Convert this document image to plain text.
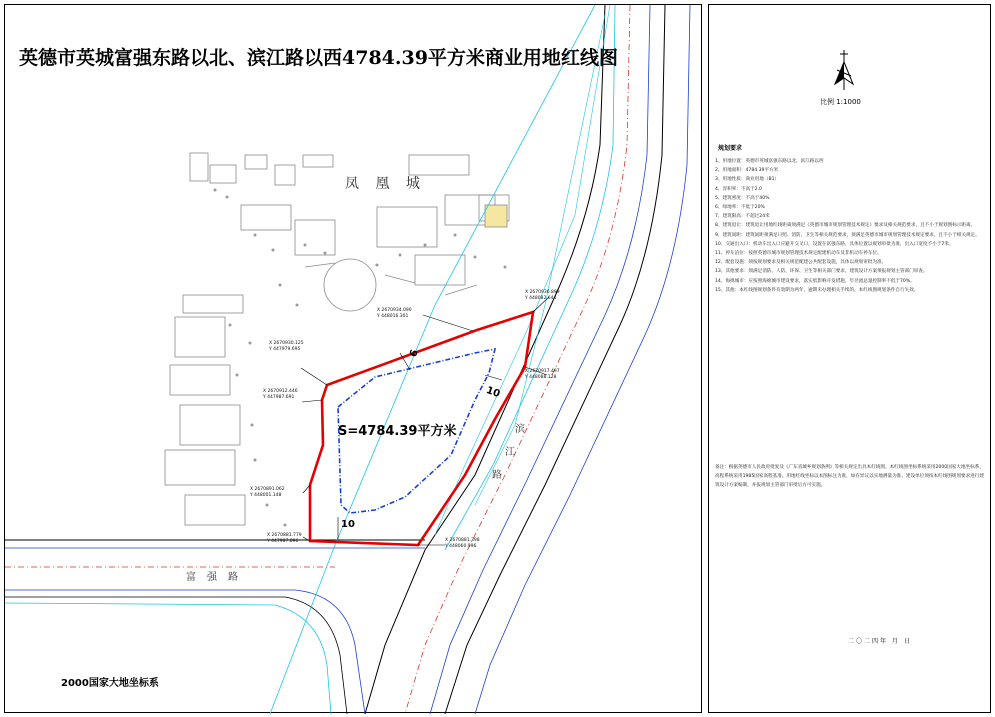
英德市英城富强东路以北、滨江路以西4784.39平方米商业用地红线图
凤 凰 城
S=4784.39平方米
富强路
滨
江
路
6
10
10
X 2670934.090
Y 448016.301
X 2670936.899
Y 448082.644
X 2670930.125
Y 447979.695
X 2670917.497
Y 448088.128
X 2670912.446
Y 447987.691
X 2670891.062
Y 448001.148
X 2670881.779
Y 447987.896	X 2670881.398
Y 448060.996
2000国家大地坐标系
比例 1:1000
规划要求

1、用地位置：英德市英城富强东路以北、滨江路以西

2、用地面积：4784.39平方米

3、用地性质：商业用地（B1）

4、容积率：不高于2.0

5、建筑密度：不高于40%

6、绿地率：不低于20%

7、建筑限高：不超过24米

8、建筑退让：建筑退让用地红线距离须满足《英德市城市规划管理技术规定》要求及相关规范要求，且不小于规划图标示距离。

9、建筑间距：建筑间距须满足日照、消防、卫生等相关规范要求，须满足英德市城市规划管理技术规定要求，且不小于相关规定。

10、交通出入口：机动车出入口应避开交叉口，设置在富强东路，具体位置以规划审批为准，出入口宽度不小于7米。

11、停车泊位：按照英德市城市规划管理技术规定配建机动车及非机动车停车位。

12、配套设施：须按规划要求及相关规范配建公共配套设施，具体以规划审批为准。

13、其他要求：须满足消防、人防、环保、卫生等相关部门要求，建筑设计方案须报规划主管部门审查。

14、海绵城市：应按照海绵城市建设要求，落实低影响开发措施，年径流总量控制率不低于70%。

15、其他：本红线图规划条件有效期为两年，逾期未办理相关手续的，本红线图规划条件自行失效。

备注：根据英德市人民政府批复及《广东省城乡规划条例》等相关规定出具本红线图。本红线图坐标系统采用2000国家大地坐标系，高程系统采用1985国家高程基准。用地红线坐标以本图标注为准，如有异议以实地测量为准。建设单位须按本红线图规划要求进行建筑设计方案编制，并报规划主管部门审批后方可实施。

二〇二四年 月 日
